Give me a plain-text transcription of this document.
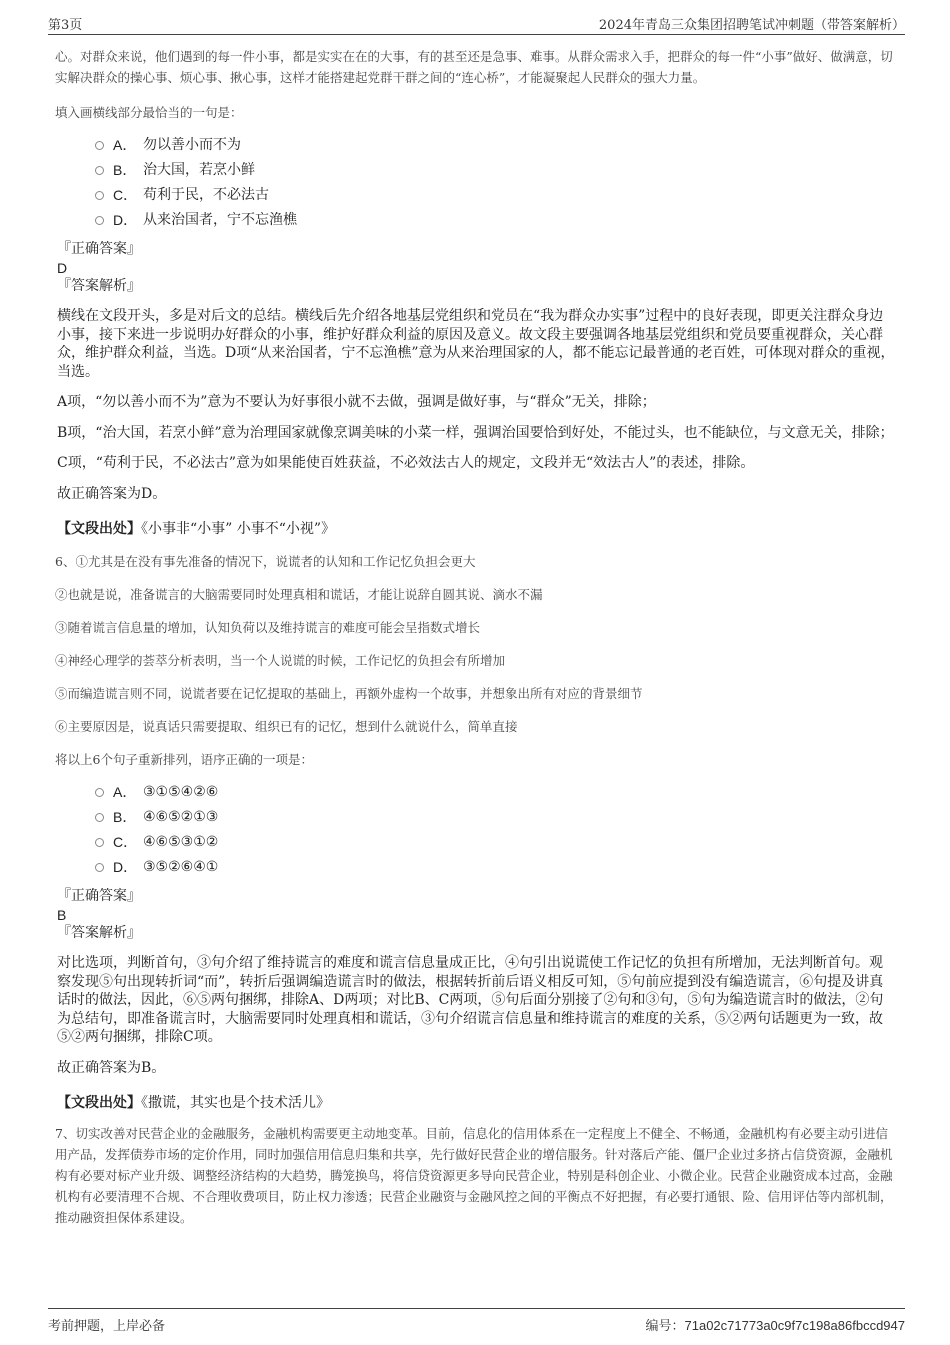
第3页	2024年青岛三众集团招聘笔试冲刺题（带答案解析）

心。对群众来说，他们遇到的每一件小事，都是实实在在的大事，有的甚至还是急事、难事。从群众需求入手，把群众的每一件“小事”做好、做满意，切实解决群众的操心事、烦心事、揪心事，这样才能搭建起党群干群之间的“连心桥”，才能凝聚起人民群众的强大力量。

填入画横线部分最恰当的一句是：

A． 勿以善小而不为
B． 治大国，若烹小鲜
C． 苟利于民，不必法古
D． 从来治国者，宁不忘渔樵

『正确答案』

D

『答案解析』

横线在文段开头，多是对后文的总结。横线后先介绍各地基层党组织和党员在“我为群众办实事”过程中的良好表现，即更关注群众身边小事，接下来进一步说明办好群众的小事，维护好群众利益的原因及意义。故文段主要强调各地基层党组织和党员要重视群众，关心群众，维护群众利益，当选。D项“从来治国者，宁不忘渔樵”意为从来治理国家的人，都不能忘记最普通的老百姓，可体现对群众的重视，当选。

A项，“勿以善小而不为”意为不要认为好事很小就不去做，强调是做好事，与“群众”无关，排除；

B项，“治大国，若烹小鲜”意为治理国家就像烹调美味的小菜一样，强调治国要恰到好处，不能过头，也不能缺位，与文意无关，排除；

C项，“苟利于民，不必法古”意为如果能使百姓获益，不必效法古人的规定，文段并无“效法古人”的表述，排除。

故正确答案为D。

【文段出处】《小事非“小事” 小事不“小视”》

6、①尤其是在没有事先准备的情况下，说谎者的认知和工作记忆负担会更大

②也就是说，准备谎言的大脑需要同时处理真相和谎话，才能让说辞自圆其说、滴水不漏

③随着谎言信息量的增加，认知负荷以及维持谎言的难度可能会呈指数式增长

④神经心理学的荟萃分析表明，当一个人说谎的时候，工作记忆的负担会有所增加

⑤而编造谎言则不同，说谎者要在记忆提取的基础上，再额外虚构一个故事，并想象出所有对应的背景细节

⑥主要原因是，说真话只需要提取、组织已有的记忆，想到什么就说什么，简单直接

将以上6个句子重新排列，语序正确的一项是：

A． ③①⑤④②⑥
B． ④⑥⑤②①③
C． ④⑥⑤③①②
D． ③⑤②⑥④①

『正确答案』

B

『答案解析』

对比选项，判断首句，③句介绍了维持谎言的难度和谎言信息量成正比，④句引出说谎使工作记忆的负担有所增加，无法判断首句。观察发现⑤句出现转折词“而”，转折后强调编造谎言时的做法，根据转折前后语义相反可知，⑤句前应提到没有编造谎言，⑥句提及讲真话时的做法，因此，⑥⑤两句捆绑，排除A、D两项；对比B、C两项，⑤句后面分别接了②句和③句，⑤句为编造谎言时的做法，②句为总结句，即准备谎言时，大脑需要同时处理真相和谎话，③句介绍谎言信息量和维持谎言的难度的关系，⑤②两句话题更为一致，故⑤②两句捆绑，排除C项。

故正确答案为B。

【文段出处】《撒谎，其实也是个技术活儿》

7、切实改善对民营企业的金融服务，金融机构需要更主动地变革。目前，信息化的信用体系在一定程度上不健全、不畅通，金融机构有必要主动引进信用产品，发挥债券市场的定价作用，同时加强信用信息归集和共享，先行做好民营企业的增信服务。针对落后产能、僵尸企业过多挤占信贷资源，金融机构有必要对标产业升级、调整经济结构的大趋势，腾笼换鸟，将信贷资源更多导向民营企业，特别是科创企业、小微企业。民营企业融资成本过高，金融机构有必要清理不合规、不合理收费项目，防止权力渗透；民营企业融资与金融风控之间的平衡点不好把握，有必要打通银、险、信用评估等内部机制，推动融资担保体系建设。

考前押题，上岸必备	编号：71a02c71773a0c9f7c198a86fbccd947
